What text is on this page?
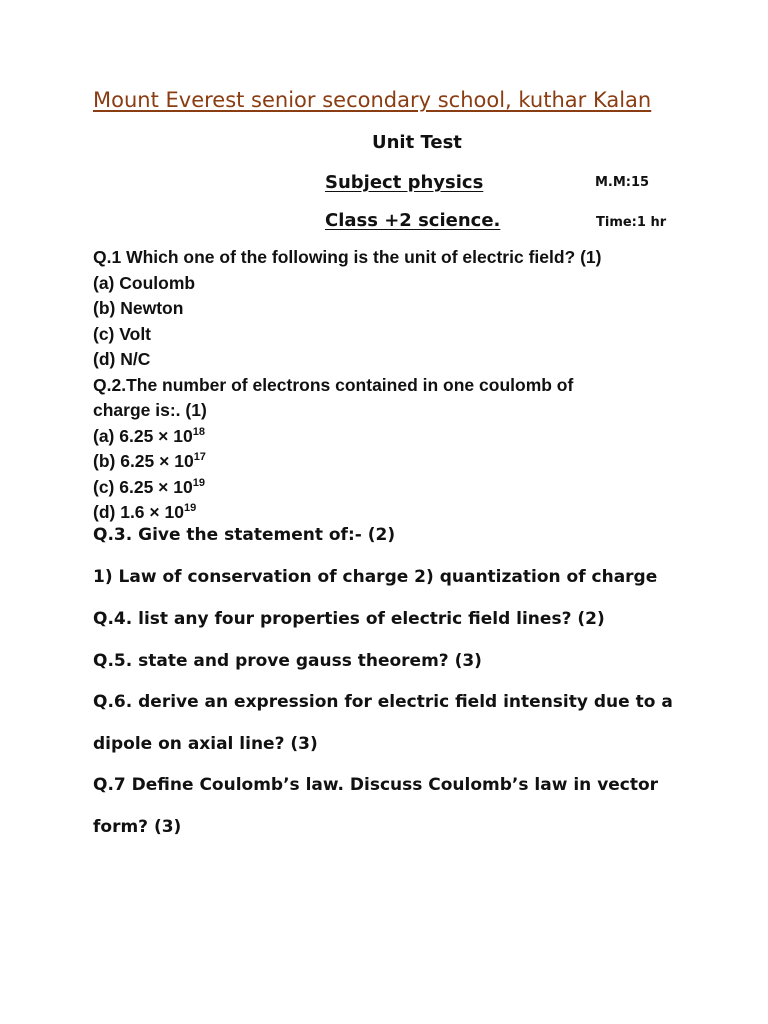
Mount Everest senior secondary school, kuthar Kalan
Unit Test
Subject physics	M.M:15
Class +2 science.	Time:1 hr
Q.1 Which one of the following is the unit of electric field? (1)
(a) Coulomb
(b) Newton
(c) Volt
(d) N/C
Q.2.The number of electrons contained in one coulomb of
charge is:. (1)
(a) $6.25 \times 10^{18}$
(b) $6.25 \times 10^{17}$
(c) $6.25 \times 10^{19}$
(d) $1.6 \times 10^{19}$
Q.3. Give the statement of:- (2)
1) Law of conservation of charge 2) quantization of charge
Q.4. list any four properties of electric field lines? (2)
Q.5. state and prove gauss theorem? (3)
Q.6. derive an expression for electric field intensity due to a
dipole on axial line? (3)
Q.7 Define Coulomb’s law. Discuss Coulomb’s law in vector
form? (3)
